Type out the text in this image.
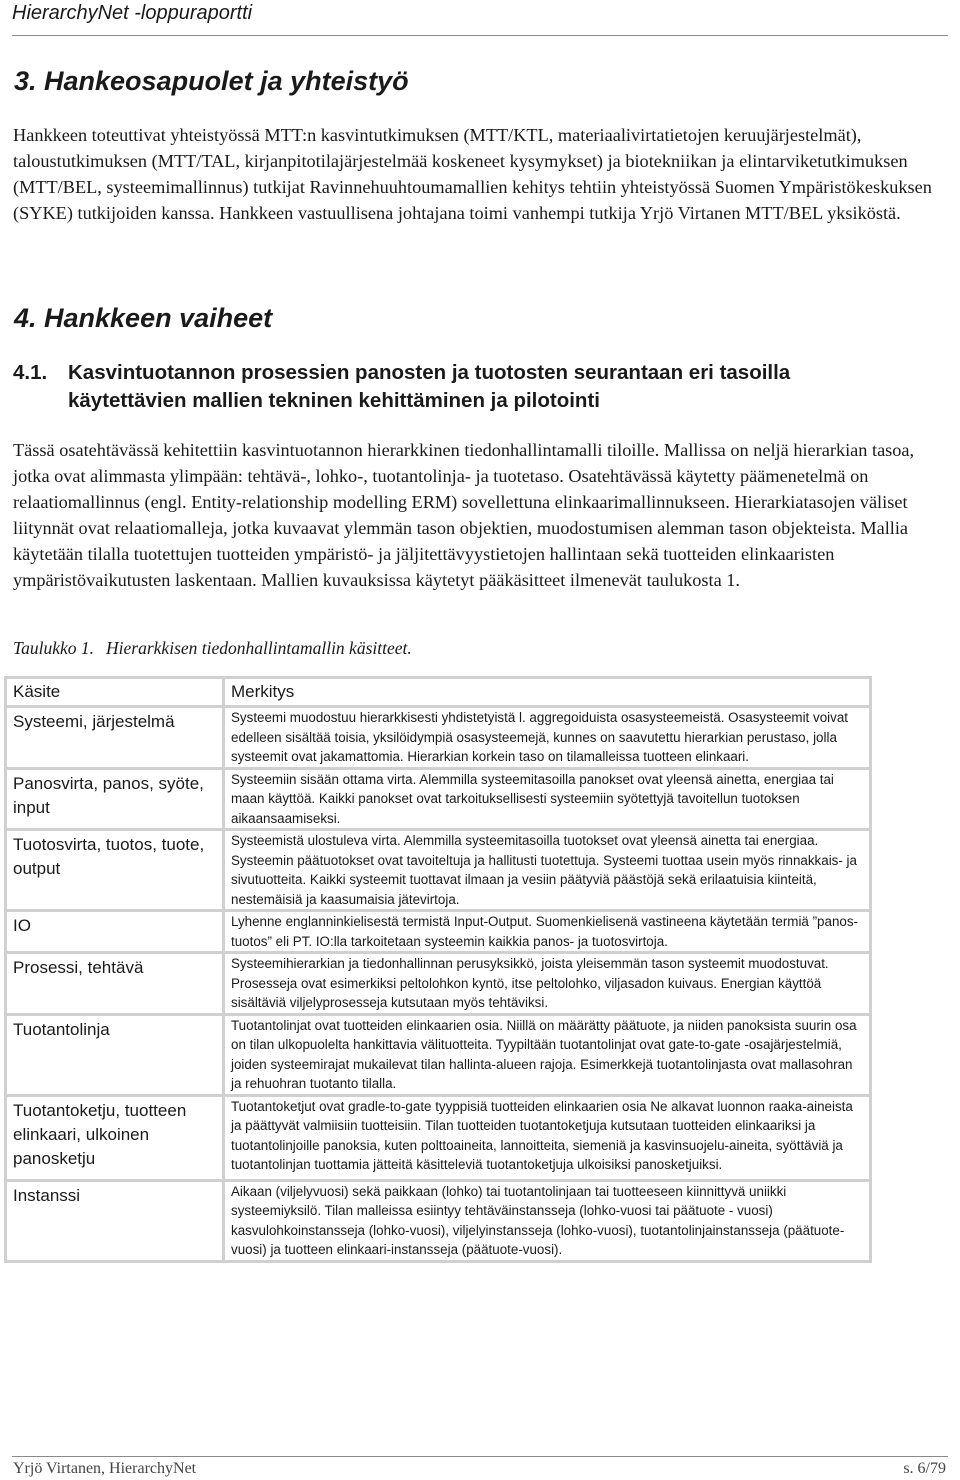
HierarchyNet -loppuraportti
3. Hankeosapuolet ja yhteistyö

Hankkeen toteuttivat yhteistyössä MTT:n kasvintutkimuksen (MTT/KTL, materiaalivirtatietojen keruujärjestelmät), taloustutkimuksen (MTT/TAL, kirjanpitotilajärjestelmää koskeneet kysymykset) ja biotekniikan ja elintarviketutkimuksen (MTT/BEL, systeemimallinnus) tutkijat Ravinnehuuhtoumamallien kehitys tehtiin yhteistyössä Suomen Ympäristökeskuksen (SYKE) tutkijoiden kanssa. Hankkeen vastuullisena johtajana toimi vanhempi tutkija Yrjö Virtanen MTT/BEL yksiköstä.

4. Hankkeen vaiheet
4.1. Kasvintuotannon prosessien panosten ja tuotosten seurantaan eri tasoilla
käytettävien mallien tekninen kehittäminen ja pilotointi

Tässä osatehtävässä kehitettiin kasvintuotannon hierarkkinen tiedonhallintamalli tiloille. Mallissa on neljä hierarkian tasoa, jotka ovat alimmasta ylimpään: tehtävä-, lohko-, tuotantolinja- ja tuotetaso. Osatehtävässä käytetty päämenetelmä on relaatiomallinnus (engl. Entity-relationship modelling ERM) sovellettuna elinkaarimallinnukseen. Hierarkiatasojen väliset liitynnät ovat relaatiomalleja, jotka kuvaavat ylemmän tason objektien, muodostumisen alemman tason objekteista. Mallia käytetään tilalla tuotettujen tuotteiden ympäristö- ja jäljitettävyystietojen hallintaan sekä tuotteiden elinkaaristen ympäristövaikutusten laskentaan. Mallien kuvauksissa käytetyt pääkäsitteet ilmenevät taulukosta 1.

Taulukko 1. Hierarkkisen tiedonhallintamallin käsitteet.
Käsite	Merkitys
Systeemi, järjestelmä	Systeemi muodostuu hierarkkisesti yhdistetyistä l. aggregoiduista osasysteemeistä. Osasysteemit voivat edelleen sisältää toisia, yksilöidympiä osasysteemejä, kunnes on saavutettu hierarkian perustaso, jolla systeemit ovat jakamattomia. Hierarkian korkein taso on tilamalleissa tuotteen elinkaari.
Panosvirta, panos, syöte, input	Systeemiin sisään ottama virta. Alemmilla systeemitasoilla panokset ovat yleensä ainetta, energiaa tai maan käyttöä. Kaikki panokset ovat tarkoituksellisesti systeemiin syötettyjä tavoitellun tuotoksen aikaansaamiseksi.
Tuotosvirta, tuotos, tuote, output	Systeemistä ulostuleva virta. Alemmilla systeemitasoilla tuotokset ovat yleensä ainetta tai energiaa. Systeemin päätuotokset ovat tavoiteltuja ja hallitusti tuotettuja. Systeemi tuottaa usein myös rinnakkais- ja sivutuotteita. Kaikki systeemit tuottavat ilmaan ja vesiin päätyviä päästöjä sekä erilaatuisia kiinteitä, nestemäisiä ja kaasumaisia jätevirtoja.
IO	Lyhenne englanninkielisestä termistä Input-Output. Suomenkielisenä vastineena käytetään termiä ”panos-tuotos” eli PT. IO:lla tarkoitetaan systeemin kaikkia panos- ja tuotosvirtoja.
Prosessi, tehtävä	Systeemihierarkian ja tiedonhallinnan perusyksikkö, joista yleisemmän tason systeemit muodostuvat. Prosesseja ovat esimerkiksi peltolohkon kyntö, itse peltolohko, viljasadon kuivaus. Energian käyttöä sisältäviä viljelyprosesseja kutsutaan myös tehtäviksi.
Tuotantolinja	Tuotantolinjat ovat tuotteiden elinkaarien osia. Niillä on määrätty päätuote, ja niiden panoksista suurin osa on tilan ulkopuolelta hankittavia välituotteita. Tyypiltään tuotantolinjat ovat gate-to-gate -osajärjestelmiä, joiden systeemirajat mukailevat tilan hallinta-alueen rajoja. Esimerkkejä tuotantolinjasta ovat mallasohran ja rehuohran tuotanto tilalla.
Tuotantoketju, tuotteen elinkaari, ulkoinen panosketju	Tuotantoketjut ovat gradle-to-gate tyyppisiä tuotteiden elinkaarien osia Ne alkavat luonnon raaka-aineista ja päättyvät valmiisiin tuotteisiin. Tilan tuotteiden tuotantoketjuja kutsutaan tuotteiden elinkaariksi ja tuotantolinjoille panoksia, kuten polttoaineita, lannoitteita, siemeniä ja kasvinsuojelu-aineita, syöttäviä ja tuotantolinjan tuottamia jätteitä käsitteleviä tuotantoketjuja ulkoisiksi panosketjuiksi.
Instanssi	Aikaan (viljelyvuosi) sekä paikkaan (lohko) tai tuotantolinjaan tai tuotteeseen kiinnittyvä uniikki systeemiyksilö. Tilan malleissa esiintyy tehtäväinstansseja (lohko-vuosi tai päätuote - vuosi) kasvulohkoinstansseja (lohko-vuosi), viljelyinstansseja (lohko-vuosi), tuotantolinjainstansseja (päätuote-vuosi) ja tuotteen elinkaari-instansseja (päätuote-vuosi).
Yrjö Virtanen, HierarchyNet	s. 6/79
